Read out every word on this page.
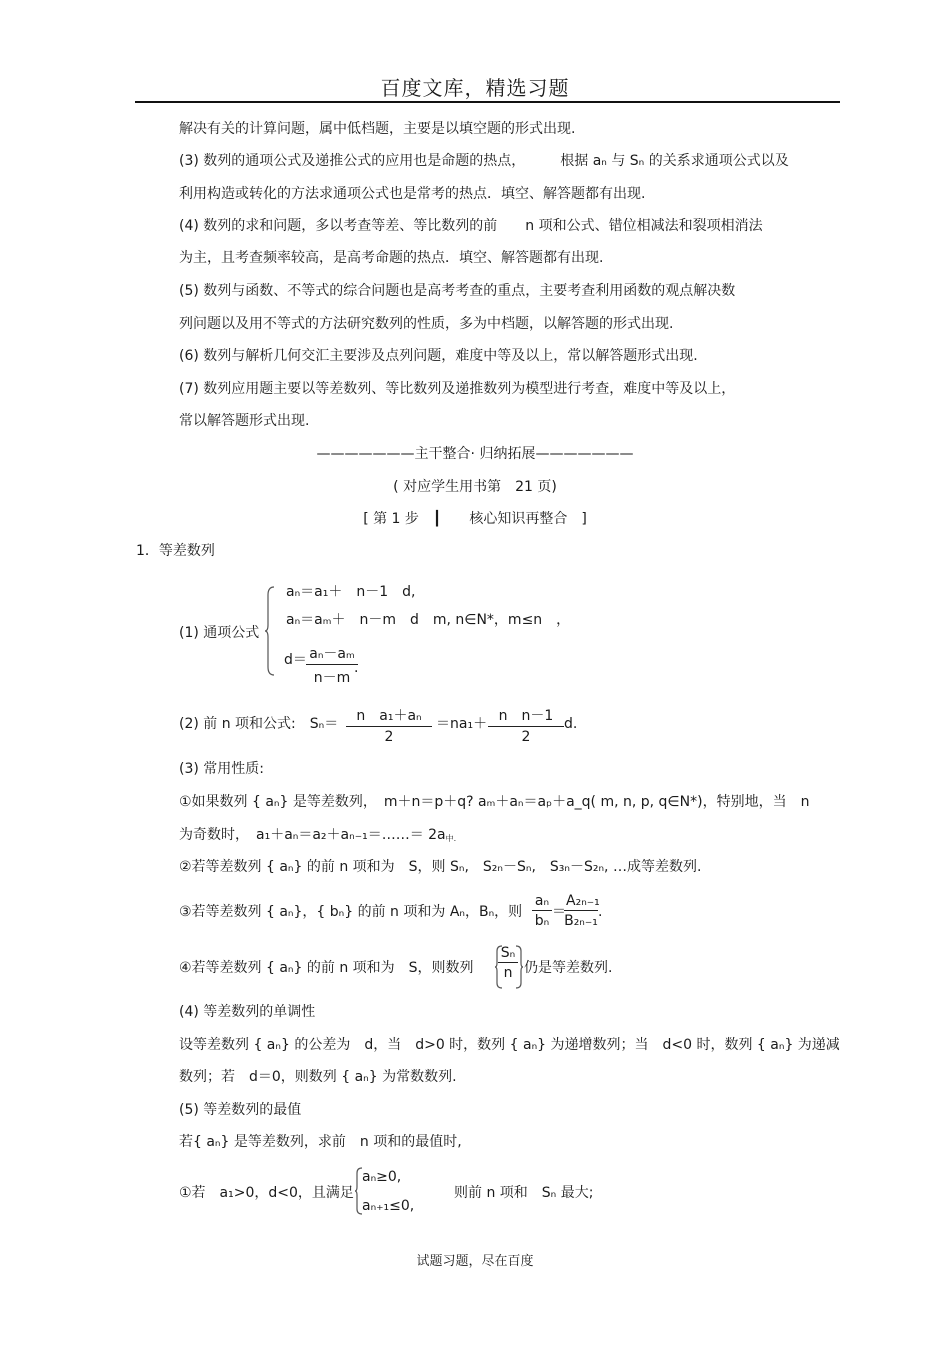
百度文库，精选习题
解决有关的计算问题，属中低档题，主要是以填空题的形式出现.
(3) 数列的通项公式及递推公式的应用也是命题的热点，　　　根据 aₙ 与 Sₙ 的关系求通项公式以及
利用构造或转化的方法求通项公式也是常考的热点．填空、解答题都有出现.
(4) 数列的求和问题，多以考查等差、等比数列的前　　n 项和公式、错位相减法和裂项相消法
为主，且考查频率较高，是高考命题的热点．填空、解答题都有出现.
(5) 数列与函数、不等式的综合问题也是高考考查的重点，主要考查利用函数的观点解决数
列问题以及用不等式的方法研究数列的性质，多为中档题，以解答题的形式出现.
(6) 数列与解析几何交汇主要涉及点列问题，难度中等及以上，常以解答题形式出现.
(7) 数列应用题主要以等差数列、等比数列及递推数列为模型进行考查，难度中等及以上，
常以解答题形式出现.
———————主干整合· 归纳拓展———————
( 对应学生用书第　21 页)
[ 第 1 步　┃　　核心知识再整合　]
1．等差数列
(1) 通项公式
aₙ＝a₁＋　n－1　d,
aₙ＝aₘ＋　n－m　d　m, n∈N*，m≤n　，
$d= \frac{\text{aₙ－aₘ}}{n-m}$
.
(2) 前 n 项和公式:　$S_n= \frac{\text{n　a₁＋aₙ}}{2} =na_1+ \frac{\text{n　n－1}}{2} d$.
(3) 常用性质:
①如果数列 { aₙ} 是等差数列，　m＋n＝p＋q? aₘ＋aₙ＝aₚ＋a_q( m, n, p, q∈N*)，特别地，当　n
为奇数时，　a₁＋aₙ＝a₂＋aₙ₋₁＝……＝ $2a_{中.}$
②若等差数列 { aₙ} 的前 n 项和为　S，则 Sₙ,　S₂ₙ－Sₙ,　S₃ₙ－S₂ₙ, …成等差数列.
③若等差数列 { aₙ}，{ bₙ} 的前 n 项和为 Aₙ，Bₙ，则 $\frac{\text{aₙ}}{\text{bₙ}}$ ＝
$\frac{\text{A₂ₙ₋₁}}{\text{B₂ₙ₋₁}}$ .
④若等差数列 { aₙ} 的前 n 项和为　S，则数列 $\frac{\text{Sₙ}}{n}$ 仍是等差数列.
(4) 等差数列的单调性
设等差数列 { aₙ} 的公差为　d，当　d>0 时，数列 { aₙ} 为递增数列；当　d<0 时，数列 { aₙ} 为递减
数列；若　d＝0，则数列 { aₙ} 为常数数列.
(5) 等差数列的最值
若{ aₙ} 是等差数列，求前　n 项和的最值时,
①若　a₁>0，d<0，且满足
aₙ≥0,
aₙ₊₁≤0,
则前 n 项和　Sₙ 最大;
试题习题，尽在百度
